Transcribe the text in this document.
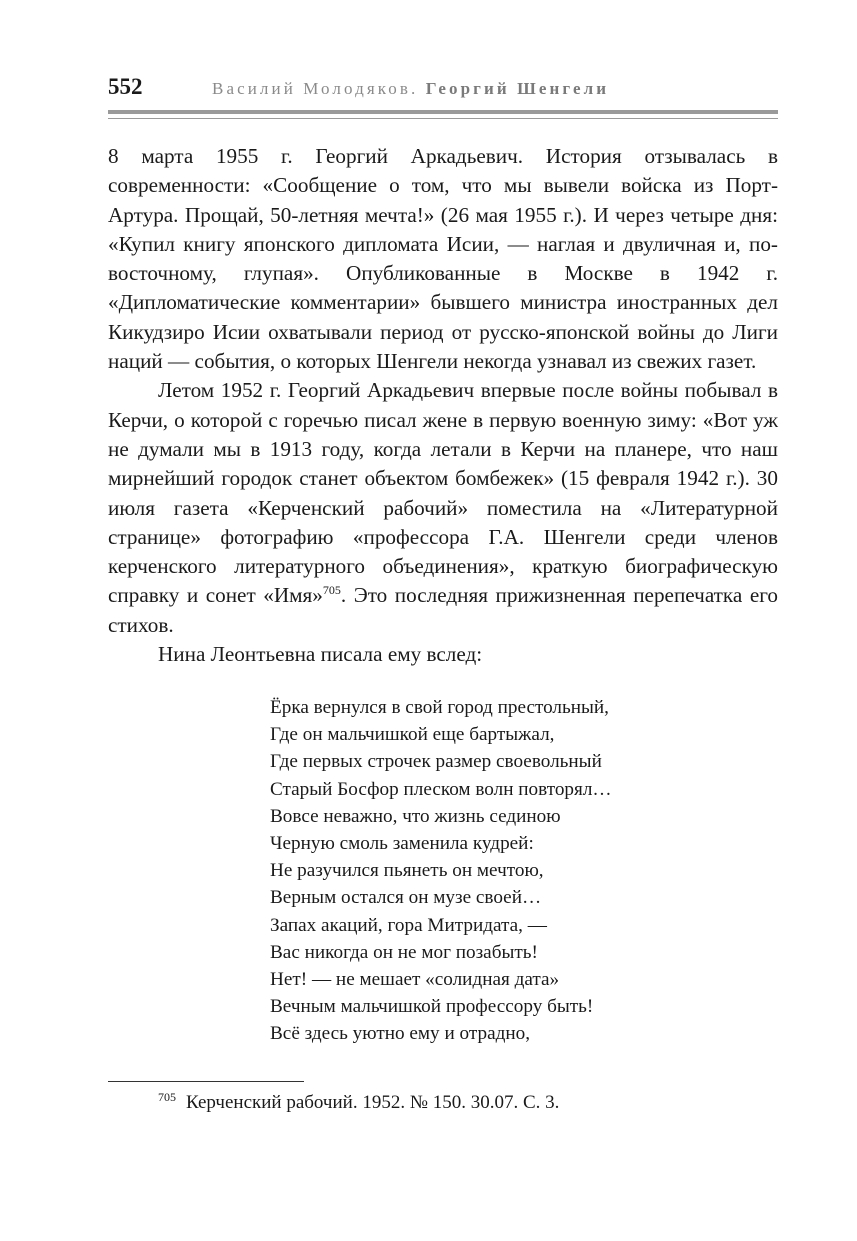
552	Василий Молодяков. Георгий Шенгели

8 марта 1955 г. Георгий Аркадьевич. История отзывалась в современности: «Сообщение о том, что мы вывели войска из Порт-Артура. Прощай, 50-летняя мечта!» (26 мая 1955 г.). И через четыре дня: «Купил книгу японского дипломата Исии, — наглая и двуличная и, по-восточному, глупая». Опубликованные в Москве в 1942 г. «Дипломатические комментарии» бывшего министра иностранных дел Кикудзиро Исии охватывали период от русско-японской войны до Лиги наций — события, о которых Шенгели некогда узнавал из свежих газет.

Летом 1952 г. Георгий Аркадьевич впервые после войны побывал в Керчи, о которой с горечью писал жене в первую военную зиму: «Вот уж не думали мы в 1913 году, когда летали в Керчи на планере, что наш мирнейший городок станет объектом бомбежек» (15 февраля 1942 г.). 30 июля газета «Керченский рабочий» поместила на «Литературной странице» фотографию «профессора Г.А. Шенгели среди членов керченского литературного объединения», краткую биографическую справку и сонет «Имя»$^{705}$. Это последняя прижизненная перепечатка его стихов.

Нина Леонтьевна писала ему вслед:

Ёрка вернулся в свой город престольный,
Где он мальчишкой еще бартыжал,
Где первых строчек размер своевольный
Старый Босфор плеском волн повторял…
Вовсе неважно, что жизнь сединою
Черную смоль заменила кудрей:
Не разучился пьянеть он мечтою,
Верным остался он музе своей…
Запах акаций, гора Митридата, —
Вас никогда он не мог позабыть!
Нет! — не мешает «солидная дата»
Вечным мальчишкой профессору быть!
Всё здесь уютно ему и отрадно,
$^{705}$ Керченский рабочий. 1952. № 150. 30.07. С. 3.
